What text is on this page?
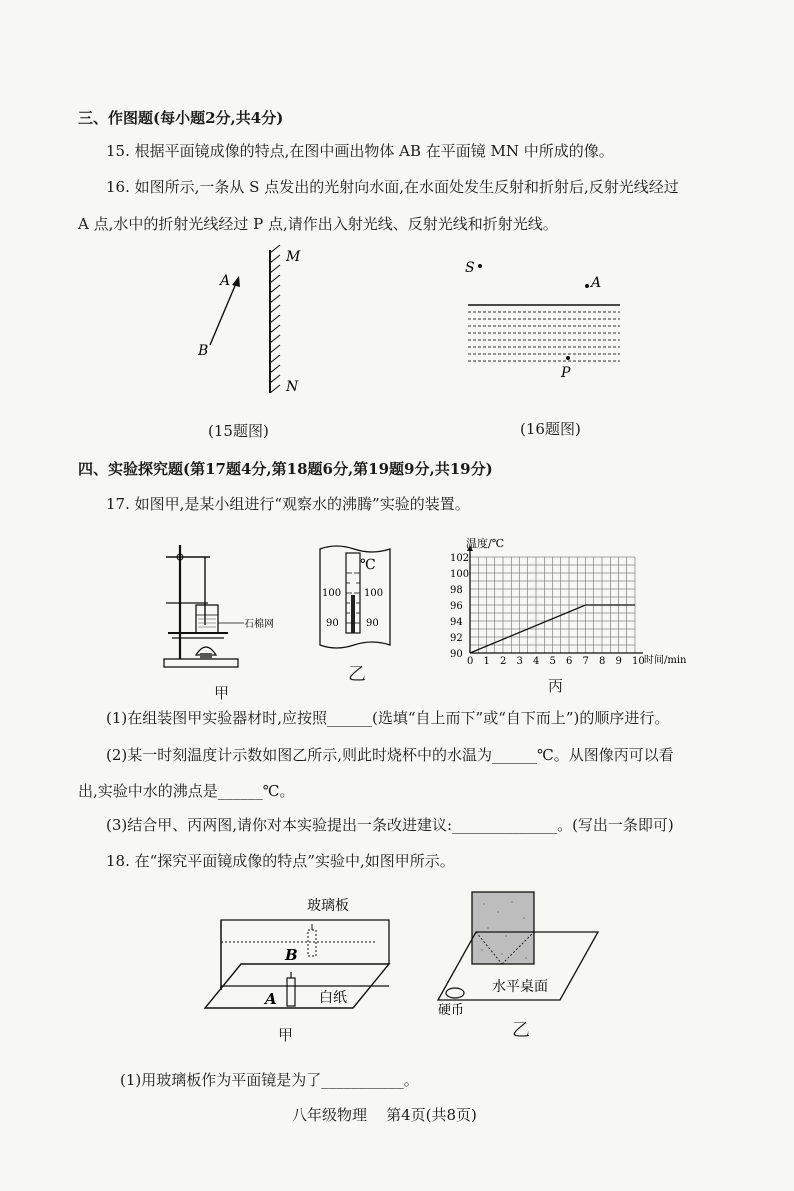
三、作图题(每小题2分,共4分)
15. 根据平面镜成像的特点,在图中画出物体 AB 在平面镜 MN 中所成的像。
16. 如图所示,一条从 S 点发出的光射向水面,在水面处发生反射和折射后,反射光线经过
A 点,水中的折射光线经过 P 点,请作出入射光线、反射光线和折射光线。
M
N
A
B
(15题图)
S
A
P
(16题图)
四、实验探究题(第17题4分,第18题6分,第19题9分,共19分)
17. 如图甲,是某小组进行“观察水的沸腾”实验的装置。
石棉网
甲
℃
100 100
90	90
乙
0 1 2 3 4 5 6 7 8 9 10
90
92
94
96
98
100
102
温度/℃
时间/min
丙
(1)在组装图甲实验器材时,应按照______(选填“自上而下”或“自下而上”)的顺序进行。
(2)某一时刻温度计示数如图乙所示,则此时烧杯中的水温为______℃。从图像丙可以看
出,实验中水的沸点是______℃。
(3)结合甲、丙两图,请你对本实验提出一条改进建议:______________。(写出一条即可)
18. 在“探究平面镜成像的特点”实验中,如图甲所示。
玻璃板
B
A	白纸
甲
水平桌面
硬币
乙
(1)用玻璃板作为平面镜是为了___________。
八年级物理    第4页(共8页)
